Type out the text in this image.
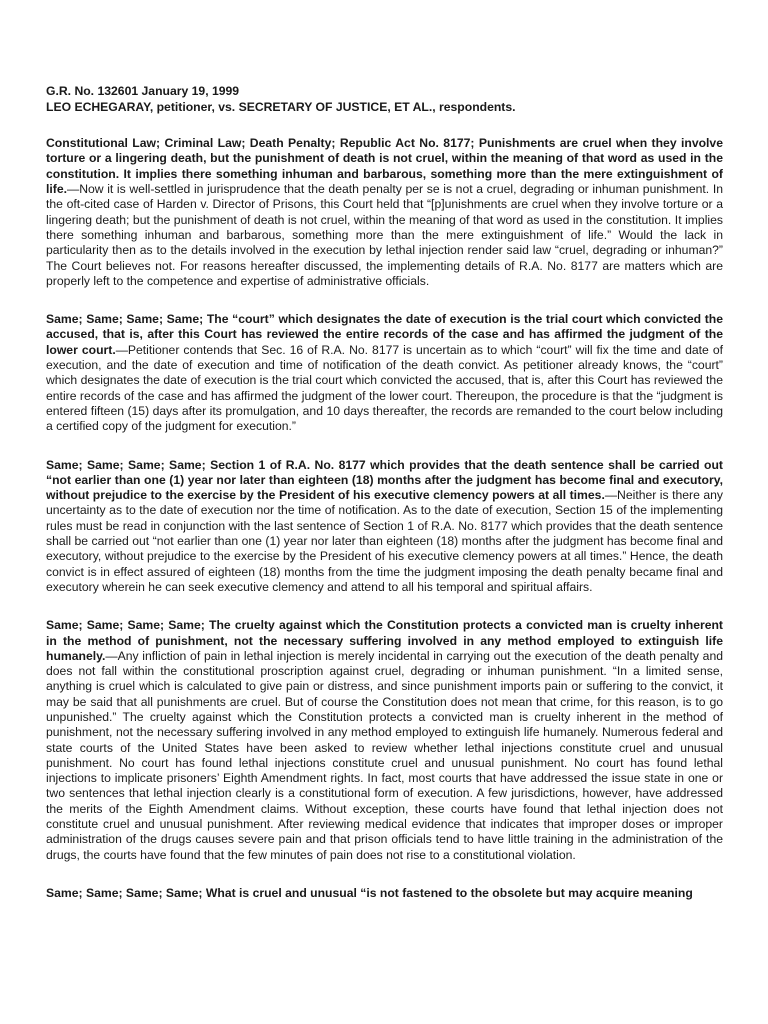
G.R. No. 132601 January 19, 1999
LEO ECHEGARAY, petitioner, vs. SECRETARY OF JUSTICE, ET AL., respondents.

Constitutional Law; Criminal Law; Death Penalty; Republic Act No. 8177; Punishments are cruel when they involve torture or a lingering death, but the punishment of death is not cruel, within the meaning of that word as used in the constitution. It implies there something inhuman and barbarous, something more than the mere extinguishment of life.—Now it is well-settled in jurisprudence that the death penalty per se is not a cruel, degrading or inhuman punishment. In the oft-cited case of Harden v. Director of Prisons, this Court held that “[p]unishments are cruel when they involve torture or a lingering death; but the punishment of death is not cruel, within the meaning of that word as used in the constitution. It implies there something inhuman and barbarous, something more than the mere extinguishment of life.” Would the lack in particularity then as to the details involved in the execution by lethal injection render said law “cruel, degrading or inhuman?” The Court believes not. For reasons hereafter discussed, the implementing details of R.A. No. 8177 are matters which are properly left to the competence and expertise of administrative officials.

Same; Same; Same; Same; The “court” which designates the date of execution is the trial court which convicted the accused, that is, after this Court has reviewed the entire records of the case and has affirmed the judgment of the lower court.—Petitioner contends that Sec. 16 of R.A. No. 8177 is uncertain as to which “court” will fix the time and date of execution, and the date of execution and time of notification of the death convict. As petitioner already knows, the “court” which designates the date of execution is the trial court which convicted the accused, that is, after this Court has reviewed the entire records of the case and has affirmed the judgment of the lower court. Thereupon, the procedure is that the “judgment is entered fifteen (15) days after its promulgation, and 10 days thereafter, the records are remanded to the court below including a certified copy of the judgment for execution.”

Same; Same; Same; Same; Section 1 of R.A. No. 8177 which provides that the death sentence shall be carried out “not earlier than one (1) year nor later than eighteen (18) months after the judgment has become final and executory, without prejudice to the exercise by the President of his executive clemency powers at all times.—Neither is there any uncertainty as to the date of execution nor the time of notification. As to the date of execution, Section 15 of the implementing rules must be read in conjunction with the last sentence of Section 1 of R.A. No. 8177 which provides that the death sentence shall be carried out “not earlier than one (1) year nor later than eighteen (18) months after the judgment has become final and executory, without prejudice to the exercise by the President of his executive clemency powers at all times.” Hence, the death convict is in effect assured of eighteen (18) months from the time the judgment imposing the death penalty became final and executory wherein he can seek executive clemency and attend to all his temporal and spiritual affairs.

Same; Same; Same; Same; The cruelty against which the Constitution protects a convicted man is cruelty inherent in the method of punishment, not the necessary suffering involved in any method employed to extinguish life humanely.—Any infliction of pain in lethal injection is merely incidental in carrying out the execution of the death penalty and does not fall within the constitutional proscription against cruel, degrading or inhuman punishment. “In a limited sense, anything is cruel which is calculated to give pain or distress, and since punishment imports pain or suffering to the convict, it may be said that all punishments are cruel. But of course the Constitution does not mean that crime, for this reason, is to go unpunished.” The cruelty against which the Constitution protects a convicted man is cruelty inherent in the method of punishment, not the necessary suffering involved in any method employed to extinguish life humanely. Numerous federal and state courts of the United States have been asked to review whether lethal injections constitute cruel and unusual punishment. No court has found lethal injections constitute cruel and unusual punishment. No court has found lethal injections to implicate prisoners’ Eighth Amendment rights. In fact, most courts that have addressed the issue state in one or two sentences that lethal injection clearly is a constitutional form of execution. A few jurisdictions, however, have addressed the merits of the Eighth Amendment claims. Without exception, these courts have found that lethal injection does not constitute cruel and unusual punishment. After reviewing medical evidence that indicates that improper doses or improper administration of the drugs causes severe pain and that prison officials tend to have little training in the administration of the drugs, the courts have found that the few minutes of pain does not rise to a constitutional violation.

Same; Same; Same; Same; What is cruel and unusual “is not fastened to the obsolete but may acquire meaning
